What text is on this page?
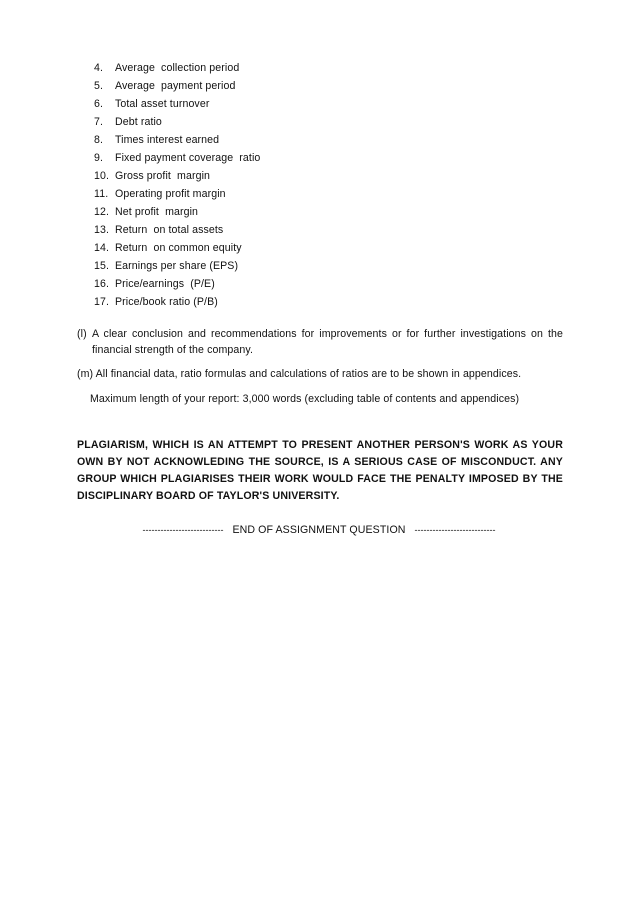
4.	Average  collection period
5.	Average  payment period
6.	Total asset turnover
7.	Debt ratio
8.	Times interest earned
9.	Fixed payment coverage  ratio
10. Gross profit  margin
11. Operating profit margin
12. Net profit  margin
13. Return  on total assets
14. Return  on common equity
15. Earnings per share (EPS)
16. Price/earnings  (P/E)
17. Price/book ratio (P/B)
(l) A clear conclusion and recommendations for improvements or for further investigations on the financial strength of the company.
(m) All financial data, ratio formulas and calculations of ratios are to be shown in appendices.
Maximum length of your report: 3,000 words (excluding table of contents and appendices)
PLAGIARISM, WHICH IS AN ATTEMPT TO PRESENT ANOTHER PERSON'S WORK AS YOUR OWN BY NOT ACKNOWLEDING THE SOURCE, IS A SERIOUS CASE OF MISCONDUCT. ANY GROUP WHICH PLAGIARISES THEIR WORK WOULD FACE THE PENALTY IMPOSED BY THE DISCIPLINARY BOARD OF TAYLOR'S UNIVERSITY.
--------------------------- END OF ASSIGNMENT QUESTION ---------------------------
